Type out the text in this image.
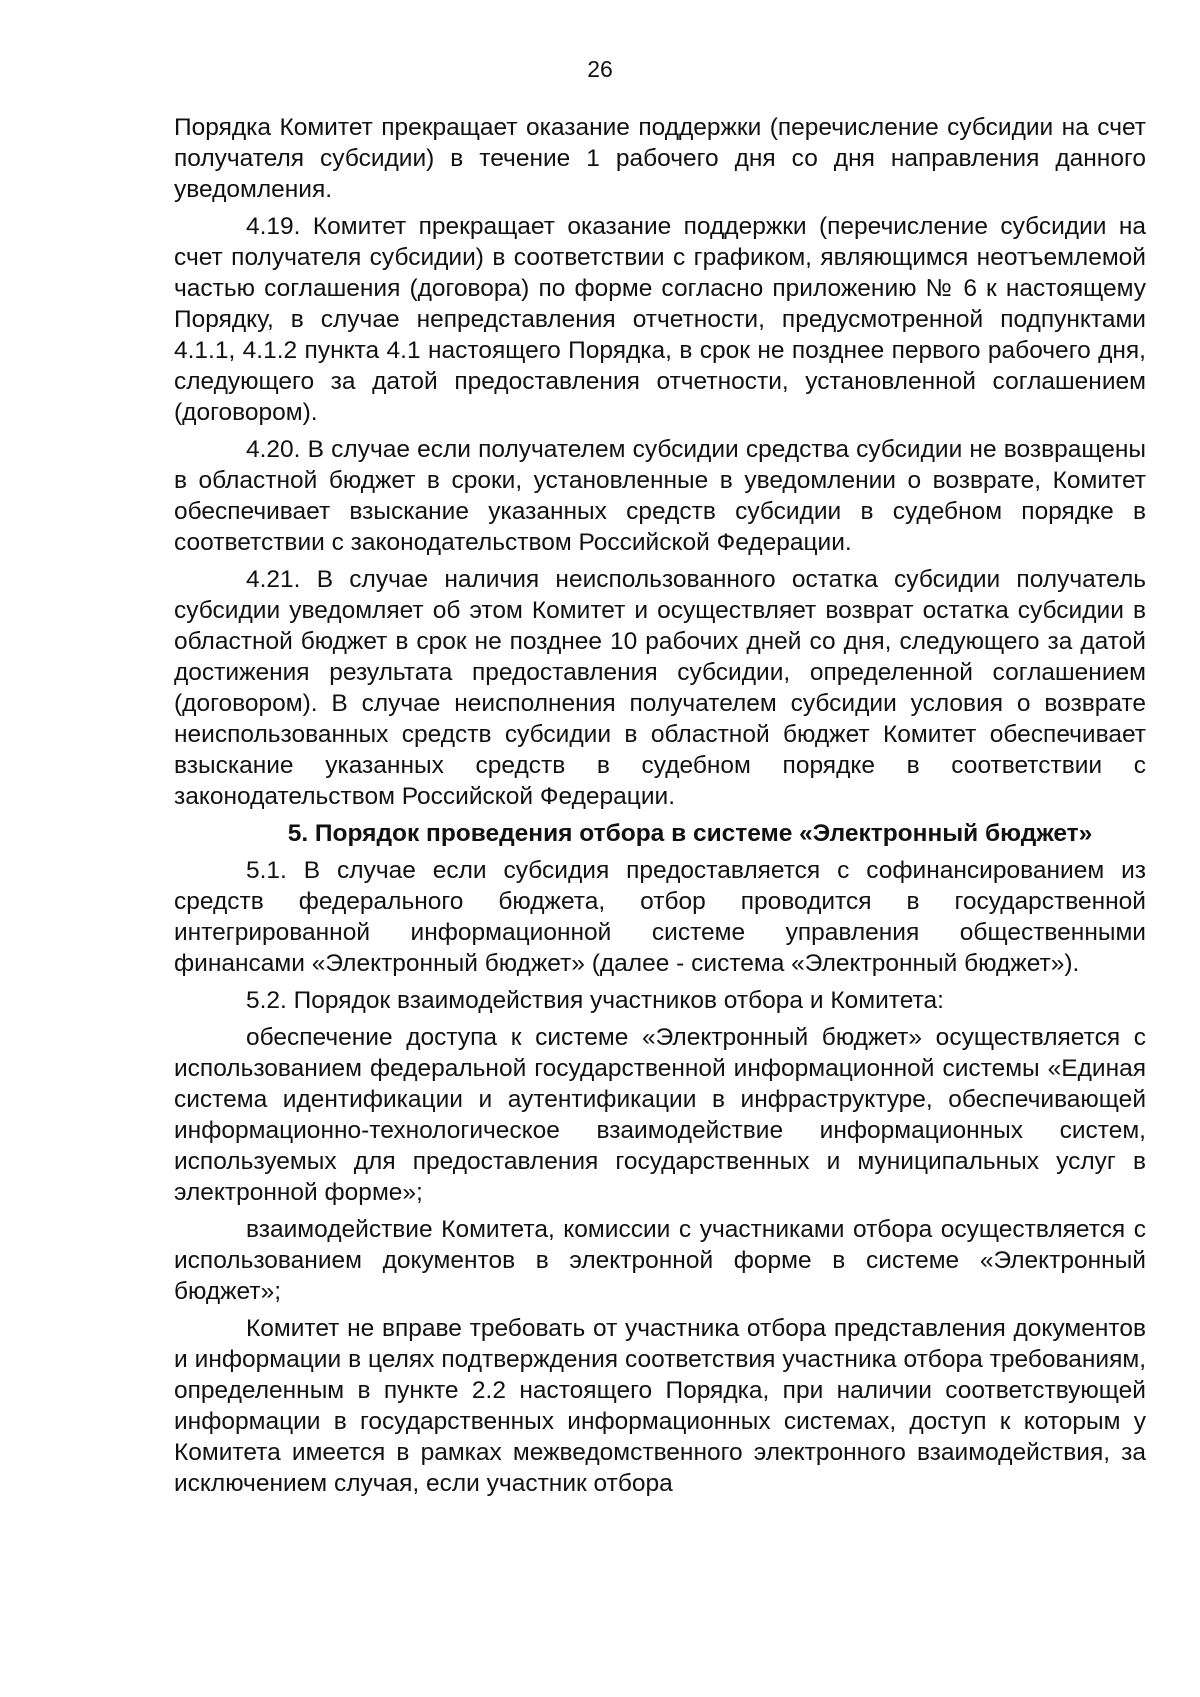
26

Порядка Комитет прекращает оказание поддержки (перечисление субсидии на счет получателя субсидии) в течение 1 рабочего дня со дня направления данного уведомления.

4.19. Комитет прекращает оказание поддержки (перечисление субсидии на счет получателя субсидии) в соответствии с графиком, являющимся неотъемлемой частью соглашения (договора) по форме согласно приложению № 6 к настоящему Порядку, в случае непредставления отчетности, предусмотренной подпунктами 4.1.1, 4.1.2 пункта 4.1 настоящего Порядка, в срок не позднее первого рабочего дня, следующего за датой предоставления отчетности, установленной соглашением (договором).

4.20. В случае если получателем субсидии средства субсидии не возвращены в областной бюджет в сроки, установленные в уведомлении о возврате, Комитет обеспечивает взыскание указанных средств субсидии в судебном порядке в соответствии с законодательством Российской Федерации.

4.21. В случае наличия неиспользованного остатка субсидии получатель субсидии уведомляет об этом Комитет и осуществляет возврат остатка субсидии в областной бюджет в срок не позднее 10 рабочих дней со дня, следующего за датой достижения результата предоставления субсидии, определенной соглашением (договором). В случае неисполнения получателем субсидии условия о возврате неиспользованных средств субсидии в областной бюджет Комитет обеспечивает взыскание указанных средств в судебном порядке в соответствии с законодательством Российской Федерации.

5. Порядок проведения отбора в системе «Электронный бюджет»

5.1. В случае если субсидия предоставляется с софинансированием из средств федерального бюджета, отбор проводится в государственной интегрированной информационной системе управления общественными финансами «Электронный бюджет» (далее - система «Электронный бюджет»).

5.2. Порядок взаимодействия участников отбора и Комитета:

обеспечение доступа к системе «Электронный бюджет» осуществляется с использованием федеральной государственной информационной системы «Единая система идентификации и аутентификации в инфраструктуре, обеспечивающей информационно-технологическое взаимодействие информационных систем, используемых для предоставления государственных и муниципальных услуг в электронной форме»;

взаимодействие Комитета, комиссии с участниками отбора осуществляется с использованием документов в электронной форме в системе «Электронный бюджет»;

Комитет не вправе требовать от участника отбора представления документов и информации в целях подтверждения соответствия участника отбора требованиям, определенным в пункте 2.2 настоящего Порядка, при наличии соответствующей информации в государственных информационных системах, доступ к которым у Комитета имеется в рамках межведомственного электронного взаимодействия, за исключением случая, если участник отбора
